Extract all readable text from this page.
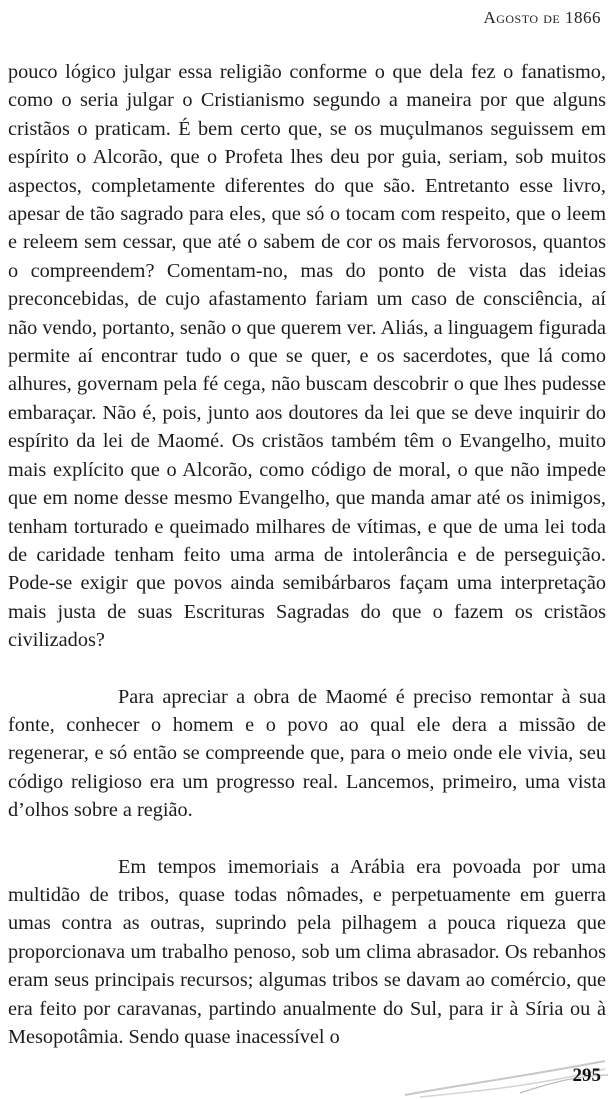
Agosto de 1866

pouco lógico julgar essa religião conforme o que dela fez o fanatismo, como o seria julgar o Cristianismo segundo a maneira por que alguns cristãos o praticam. É bem certo que, se os muçulmanos seguissem em espírito o Alcorão, que o Profeta lhes deu por guia, seriam, sob muitos aspectos, completamente diferentes do que são. Entretanto esse livro, apesar de tão sagrado para eles, que só o tocam com respeito, que o leem e releem sem cessar, que até o sabem de cor os mais fervorosos, quantos o compreendem? Comentam-no, mas do ponto de vista das ideias preconcebidas, de cujo afastamento fariam um caso de consciência, aí não vendo, portanto, senão o que querem ver. Aliás, a linguagem figurada permite aí encontrar tudo o que se quer, e os sacerdotes, que lá como alhures, governam pela fé cega, não buscam descobrir o que lhes pudesse embaraçar. Não é, pois, junto aos doutores da lei que se deve inquirir do espírito da lei de Maomé. Os cristãos também têm o Evangelho, muito mais explícito que o Alcorão, como código de moral, o que não impede que em nome desse mesmo Evangelho, que manda amar até os inimigos, tenham torturado e queimado milhares de vítimas, e que de uma lei toda de caridade tenham feito uma arma de intolerância e de perseguição. Pode-se exigir que povos ainda semibárbaros façam uma interpretação mais justa de suas Escrituras Sagradas do que o fazem os cristãos civilizados?

Para apreciar a obra de Maomé é preciso remontar à sua fonte, conhecer o homem e o povo ao qual ele dera a missão de regenerar, e só então se compreende que, para o meio onde ele vivia, seu código religioso era um progresso real. Lancemos, primeiro, uma vista d’olhos sobre a região.

Em tempos imemoriais a Arábia era povoada por uma multidão de tribos, quase todas nômades, e perpetuamente em guerra umas contra as outras, suprindo pela pilhagem a pouca riqueza que proporcionava um trabalho penoso, sob um clima abrasador. Os rebanhos eram seus principais recursos; algumas tribos se davam ao comércio, que era feito por caravanas, partindo anualmente do Sul, para ir à Síria ou à Mesopotâmia. Sendo quase inacessível o

295
